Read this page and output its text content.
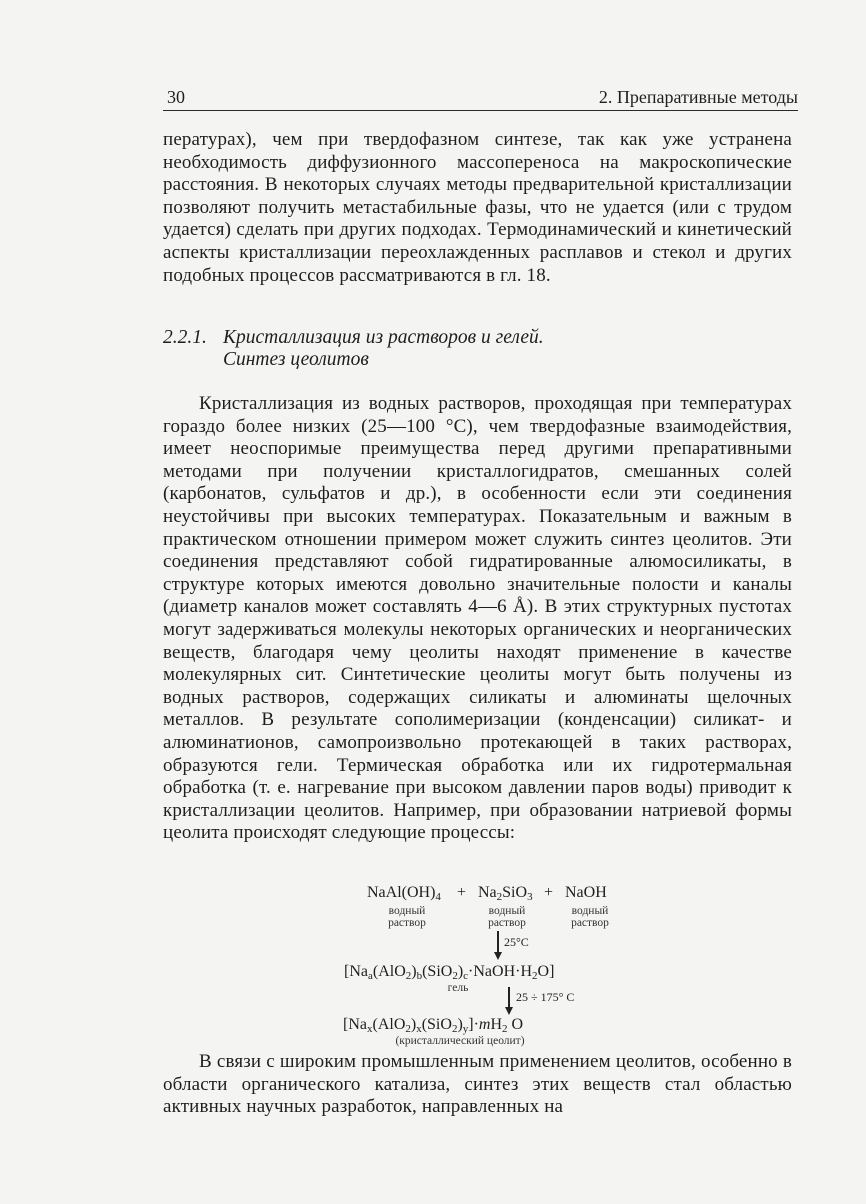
30	2. Препаративные методы

пературах), чем при твердофазном синтезе, так как уже устранена необходимость диффузионного массопереноса на макроскопические расстояния. В некоторых случаях методы предварительной кристаллизации позволяют получить метастабильные фазы, что не удается (или с трудом удается) сделать при других подходах. Термодинамический и кинетический аспекты кристаллизации переохлажденных расплавов и стекол и других подобных процессов рассматриваются в гл. 18.

2.2.1. Кристаллизация из растворов и гелей.
Синтез цеолитов

Кристаллизация из водных растворов, проходящая при температурах гораздо более низких (25—100 °С), чем твердофазные взаимодействия, имеет неоспоримые преимущества перед другими препаративными методами при получении кристаллогидратов, смешанных солей (карбонатов, сульфатов и др.), в особенности если эти соединения неустойчивы при высоких температурах. Показательным и важным в практическом отношении примером может служить синтез цеолитов. Эти соединения представляют собой гидратированные алюмосиликаты, в структуре которых имеются довольно значительные полости и каналы (диаметр каналов может составлять 4—6 Å). В этих структурных пустотах могут задерживаться молекулы некоторых органических и неорганических веществ, благодаря чему цеолиты находят применение в качестве молекулярных сит. Синтетические цеолиты могут быть получены из водных растворов, содержащих силикаты и алюминаты щелочных металлов. В результате сополимеризации (конденсации) силикат- и алюминатионов, самопроизвольно протекающей в таких растворах, образуются гели. Термическая обработка или их гидротермальная обработка (т. е. нагревание при высоком давлении паров воды) приводит к кристаллизации цеолитов. Например, при образовании натриевой формы цеолита происходят следующие процессы:

$NaAl(OH)_4 + Na_2SiO_3$ + NaOH
водный
раствор
водный
раствор
водный
раствор
25°C
$[Na_a(AlO_2)_b(SiO_2)_c\cdot NaOH\cdot H_2O]$
гель
25 ÷ 175° C
$[Na_x(AlO_2)_x(SiO_2)_y]\cdot mH_2$ O
(кристаллический цеолит)

В связи с широким промышленным применением цеолитов, особенно в области органического катализа, синтез этих веществ стал областью активных научных разработок, направленных на
